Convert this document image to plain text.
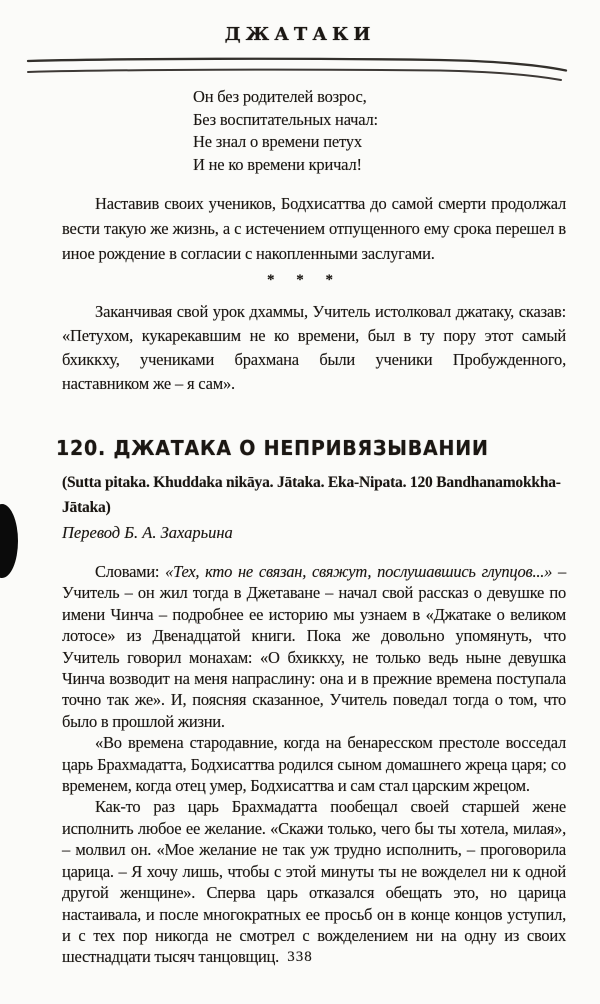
ДЖАТАКИ
Он без родителей возрос,
Без воспитательных начал:
Не знал о времени петух
И не ко времени кричал!

Наставив своих учеников, Бодхисаттва до самой смерти продолжал вести такую же жизнь, а с истечением отпущенного ему срока перешел в иное рождение в согласии с накопленными заслугами.

* * *

Заканчивая свой урок дхаммы, Учитель истолковал джатаку, сказав: «Петухом, кукарекавшим не ко времени, был в ту пору этот самый бхиккху, учениками брахмана были ученики Пробужденного, наставником же – я сам».

120. ДЖАТАКА О НЕПРИВЯЗЫВАНИИ

(Sutta pitaka. Khuddaka nikāya. Jātaka. Eka-Nipata. 120 Bandhanamokkha-Jātaka)

Перевод Б. А. Захарьина

Словами: «Тех, кто не связан, свяжут, послушавшись глупцов...» – Учитель – он жил тогда в Джетаване – начал свой рассказ о девушке по имени Чинча – подробнее ее историю мы узнаем в «Джатаке о великом лотосе» из Двенадцатой книги. Пока же довольно упомянуть, что Учитель говорил монахам: «О бхиккху, не только ведь ныне девушка Чинча возводит на меня напраслину: она и в прежние времена поступала точно так же». И, поясняя сказанное, Учитель поведал тогда о том, что было в прошлой жизни.

«Во времена стародавние, когда на бенаресском престоле восседал царь Брахмадатта, Бодхисаттва родился сыном домашнего жреца царя; со временем, когда отец умер, Бодхисаттва и сам стал царским жрецом.

Как-то раз царь Брахмадатта пообещал своей старшей жене исполнить любое ее желание. «Скажи только, чего бы ты хотела, милая», – молвил он. «Мое желание не так уж трудно исполнить, – проговорила царица. – Я хочу лишь, чтобы с этой минуты ты не вожделел ни к одной другой женщине». Сперва царь отказался обещать это, но царица настаивала, и после многократных ее просьб он в конце концов уступил, и с тех пор никогда не смотрел с вожделением ни на одну из своих шестнадцати тысяч танцовщиц. 338
